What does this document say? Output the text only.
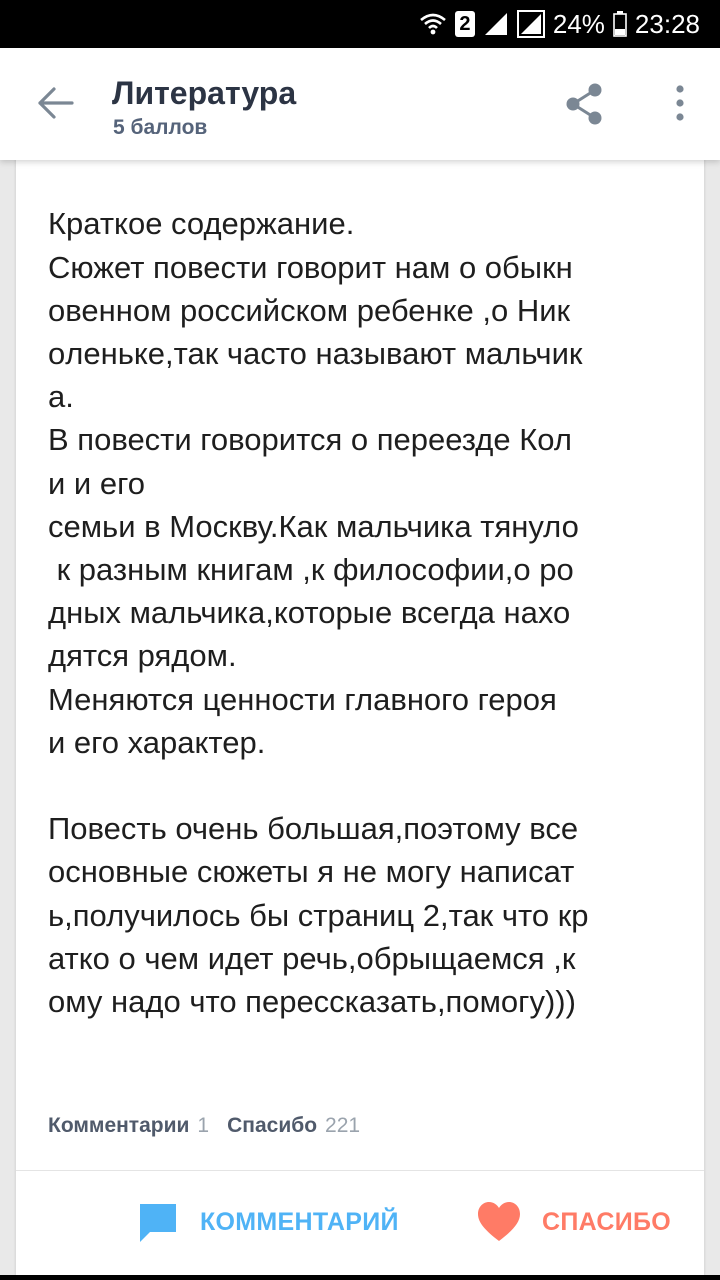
2	24% 23:28

Краткое содержание.
Сюжет повести говорит нам о обыкн
овенном российском ребенке ,о Ник
oленьке,так часто называют мальчик
а.
В повести говорится о переезде Кол
и и его
семьи в Москву.Как мальчика тянуло
к разным книгам ,к философии,о ро
дных мальчика,которые всегда нахо
дятся рядом.
Меняются ценности главного героя
и его характер.

Повесть очень большая,поэтому все
основные сюжеты я не могу написат
ь,получилось бы страниц 2,так что кр
атко о чем идет речь,обрыщаемся ,к
ому надо что перессказать,помогу)))
Комментарии 1 Спасибо 221
КОММЕНТАРИЙ	СПАСИБО
Литература
5 баллов
